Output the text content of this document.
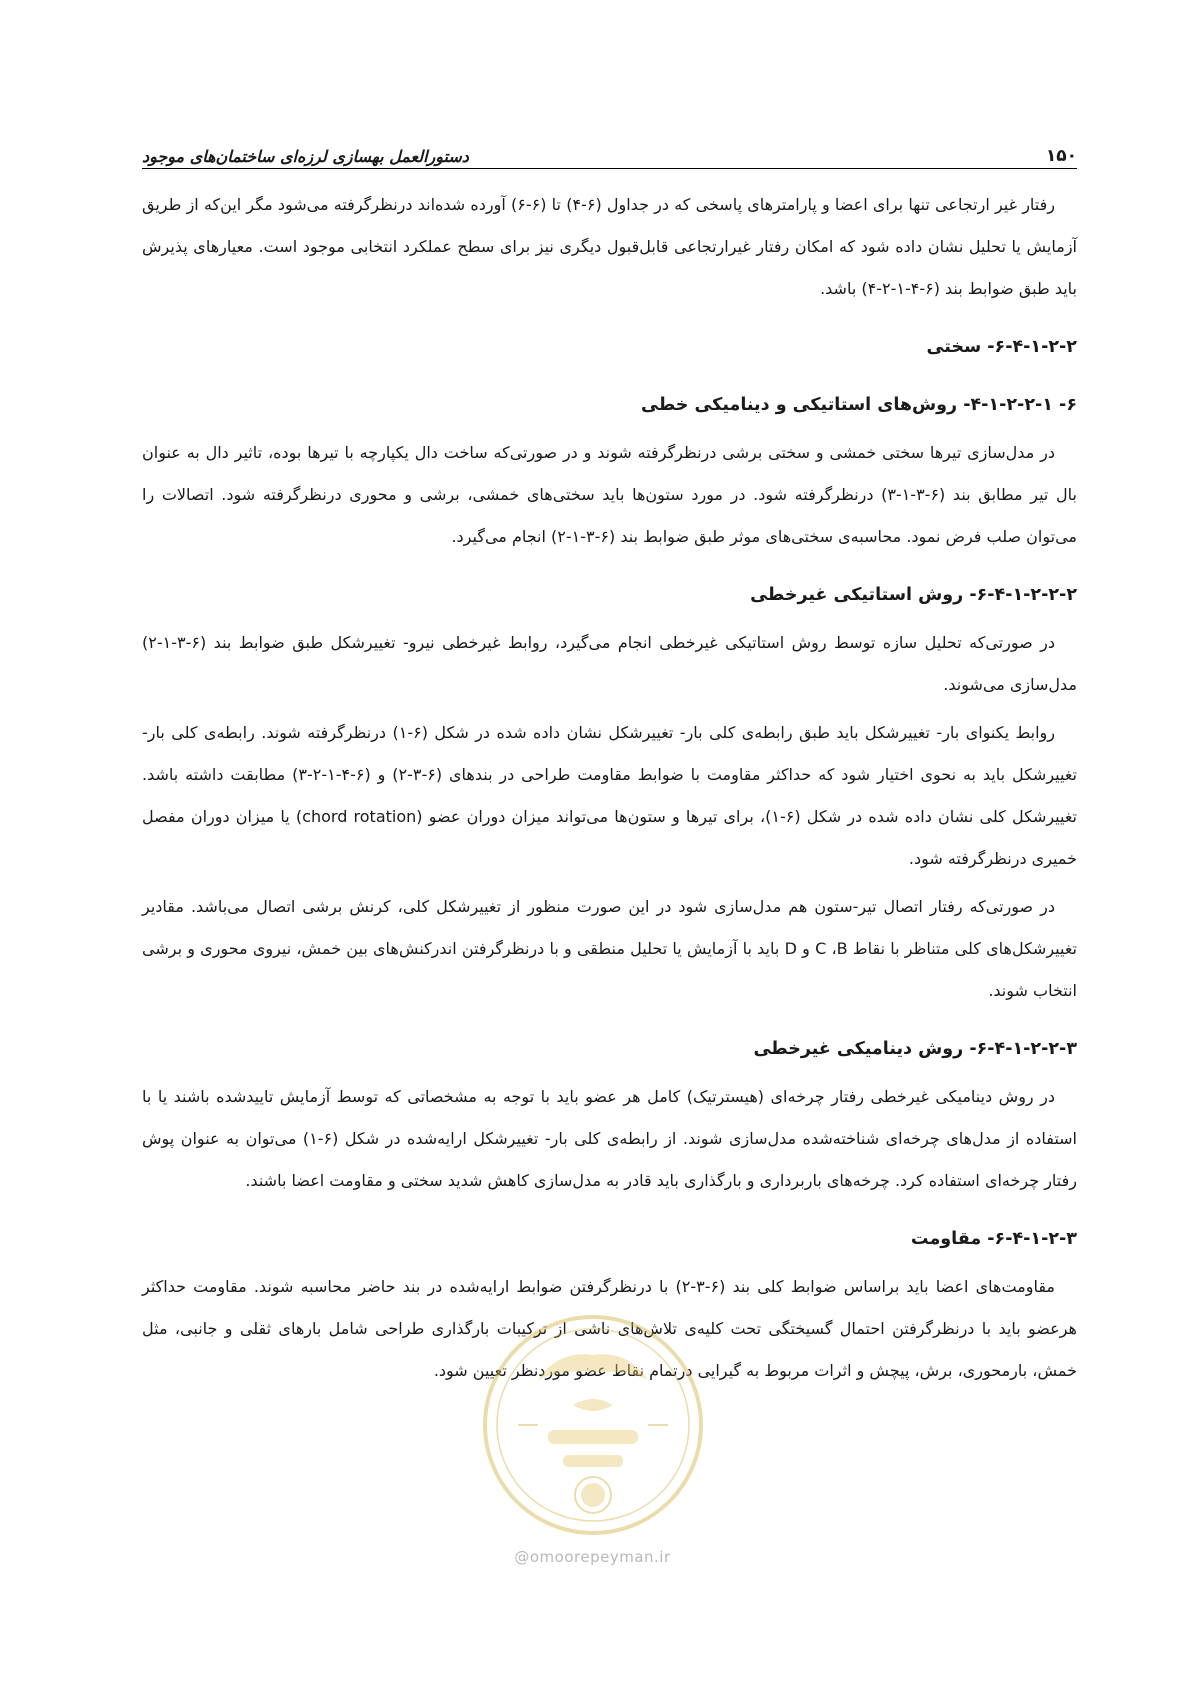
۱۵۰
دستورالعمل بهسازی لرزه‌ای ساختمان‌های موجود

رفتار غیر ارتجاعی تنها برای اعضا و پارامترهای پاسخی که در جداول (۶-۴) تا (۶-۶) آورده شده‌اند درنظرگرفته می‌شود مگر این‌که از طریق آزمایش یا تحلیل نشان داده شود که امکان رفتار غیرارتجاعی قابل‌قبول دیگری نیز برای سطح عملکرد انتخابی موجود است. معیارهای پذیرش باید طبق ضوابط بند (۶-۴-۱-۲-۴) باشد.

۶-۴-۱-۲-۲- سختی
۶- ۴-۱-۲-۲-۱- روش‌های استاتیکی و دینامیکی خطی

در مدل‌سازی تیرها سختی خمشی و سختی برشی درنظرگرفته شوند و در صورتی‌که ساخت دال یکپارچه با تیرها بوده، تاثیر دال به عنوان بال تیر مطابق بند (۶-۳-۱-۳) درنظرگرفته شود. در مورد ستون‌ها باید سختی‌های خمشی، برشی و محوری درنظرگرفته شود. اتصالات را می‌توان صلب فرض نمود. محاسبه‌ی سختی‌های موثر طبق ضوابط بند (۶-۳-۱-۲) انجام می‌گیرد.

۶-۴-۱-۲-۲-۲- روش استاتیکی غیرخطی

در صورتی‌که تحلیل سازه توسط روش استاتیکی غیرخطی انجام می‌گیرد، روابط غیرخطی نیرو- تغییرشکل طبق ضوابط بند (۶-۳-۱-۲) مدل‌سازی می‌شوند.

روابط یکنوای بار- تغییرشکل باید طبق رابطه‌ی کلی بار- تغییرشکل نشان داده شده در شکل (۶-۱) درنظرگرفته شوند. رابطه‌ی کلی بار- تغییرشکل باید به نحوی اختیار شود که حداکثر مقاومت با ضوابط مقاومت طراحی در بندهای (۶-۳-۲) و (۶-۴-۱-۲-۳) مطابقت داشته باشد. تغییرشکل کلی نشان داده شده در شکل (۶-۱)، برای تیرها و ستون‌ها می‌تواند میزان دوران عضو (chord rotation) یا میزان دوران مفصل خمیری درنظرگرفته شود.

در صورتی‌که رفتار اتصال تیر-ستون هم مدل‌سازی شود در این صورت منظور از تغییرشکل کلی، کرنش برشی اتصال می‌باشد. مقادیر تغییرشکل‌های کلی متناظر با نقاط C ،B و D باید با آزمایش یا تحلیل منطقی و با درنظرگرفتن اندرکنش‌های بین خمش، نیروی محوری و برشی انتخاب شوند.

۶-۴-۱-۲-۲-۳- روش دینامیکی غیرخطی

در روش دینامیکی غیرخطی رفتار چرخه‌ای (هیسترتیک) کامل هر عضو باید با توجه به مشخصاتی که توسط آزمایش تاییدشده باشند یا با استفاده از مدل‌های چرخه‌ای شناخته‌شده مدل‌سازی شوند. از رابطه‌ی کلی بار- تغییرشکل ارایه‌شده در شکل (۶-۱) می‌توان به عنوان پوش رفتار چرخه‌ای استفاده کرد. چرخه‌های باربرداری و بارگذاری باید قادر به مدل‌سازی کاهش شدید سختی و مقاومت اعضا باشند.

۶-۴-۱-۲-۳- مقاومت

مقاومت‌های اعضا باید براساس ضوابط کلی بند (۶-۳-۲) با درنظرگرفتن ضوابط ارایه‌شده در بند حاضر محاسبه شوند. مقاومت حداکثر هرعضو باید با درنظرگرفتن احتمال گسیختگی تحت کلیه‌ی تلاش‌های ناشی از ترکیبات بارگذاری طراحی شامل بارهای ثقلی و جانبی، مثل خمش، بارمحوری، برش، پیچش و اثرات مربوط به گیرایی درتمام نقاط عضو موردنظر تعیین شود.

@omoorepeyman.ir
